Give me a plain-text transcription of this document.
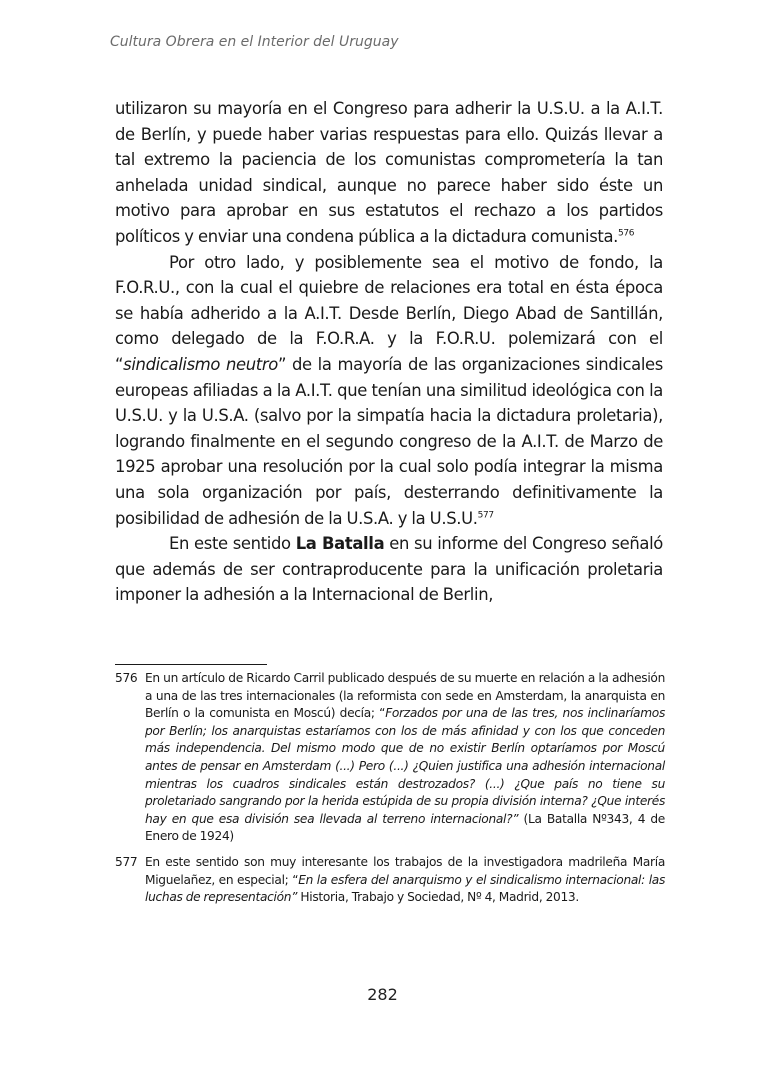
Cultura Obrera en el Interior del Uruguay

utilizaron su mayoría en el Congreso para adherir la U.S.U. a la A.I.T. de Berlín, y puede haber varias respuestas para ello. Quizás llevar a tal extremo la paciencia de los comunistas comprometería la tan anhelada unidad sindical, aunque no parece haber sido éste un motivo para aprobar en sus estatutos el rechazo a los partidos políticos y enviar una condena pública a la dictadura comunista.$^{576}$

Por otro lado, y posiblemente sea el motivo de fondo, la F.O.R.U., con la cual el quiebre de relaciones era total en ésta época se había adherido a la A.I.T. Desde Berlín, Diego Abad de Santillán, como delegado de la F.O.R.A. y la F.O.R.U. polemizará con el “sindicalismo neutro” de la mayoría de las organizaciones sindicales europeas afiliadas a la A.I.T. que tenían una similitud ideológica con la U.S.U. y la U.S.A. (salvo por la simpatía hacia la dictadura proletaria), logrando finalmente en el segundo congreso de la A.I.T. de Marzo de 1925 aprobar una resolución por la cual solo podía integrar la misma una sola organización por país, desterrando definitivamente la posibilidad de adhesión de la U.S.A. y la U.S.U.$^{577}$

En este sentido La Batalla en su informe del Congreso señaló que además de ser contraproducente para la unificación proletaria imponer la adhesión a la Internacional de Berlin,

576 En un artículo de Ricardo Carril publicado después de su muerte en relación a la adhesión a una de las tres internacionales (la reformista con sede en Amsterdam, la anarquista en Berlín o la comunista en Moscú) decía; “Forzados por una de las tres, nos inclinaríamos por Berlín; los anarquistas estaríamos con los de más afinidad y con los que conceden más independencia. Del mismo modo que de no existir Berlín optaríamos por Moscú antes de pensar en Amsterdam (...) Pero (...) ¿Quien justifica una adhesión internacional mientras los cuadros sindicales están destrozados? (...) ¿Que país no tiene su proletariado sangrando por la herida estúpida de su propia división interna? ¿Que interés hay en que esa división sea llevada al terreno internacional?” (La Batalla Nº343, 4 de Enero de 1924)
577 En este sentido son muy interesante los trabajos de la investigadora madrileña María Miguelañez, en especial; “En la esfera del anarquismo y el sindicalismo internacional: las luchas de representación” Historia, Trabajo y Sociedad, Nº 4, Madrid, 2013.
282
